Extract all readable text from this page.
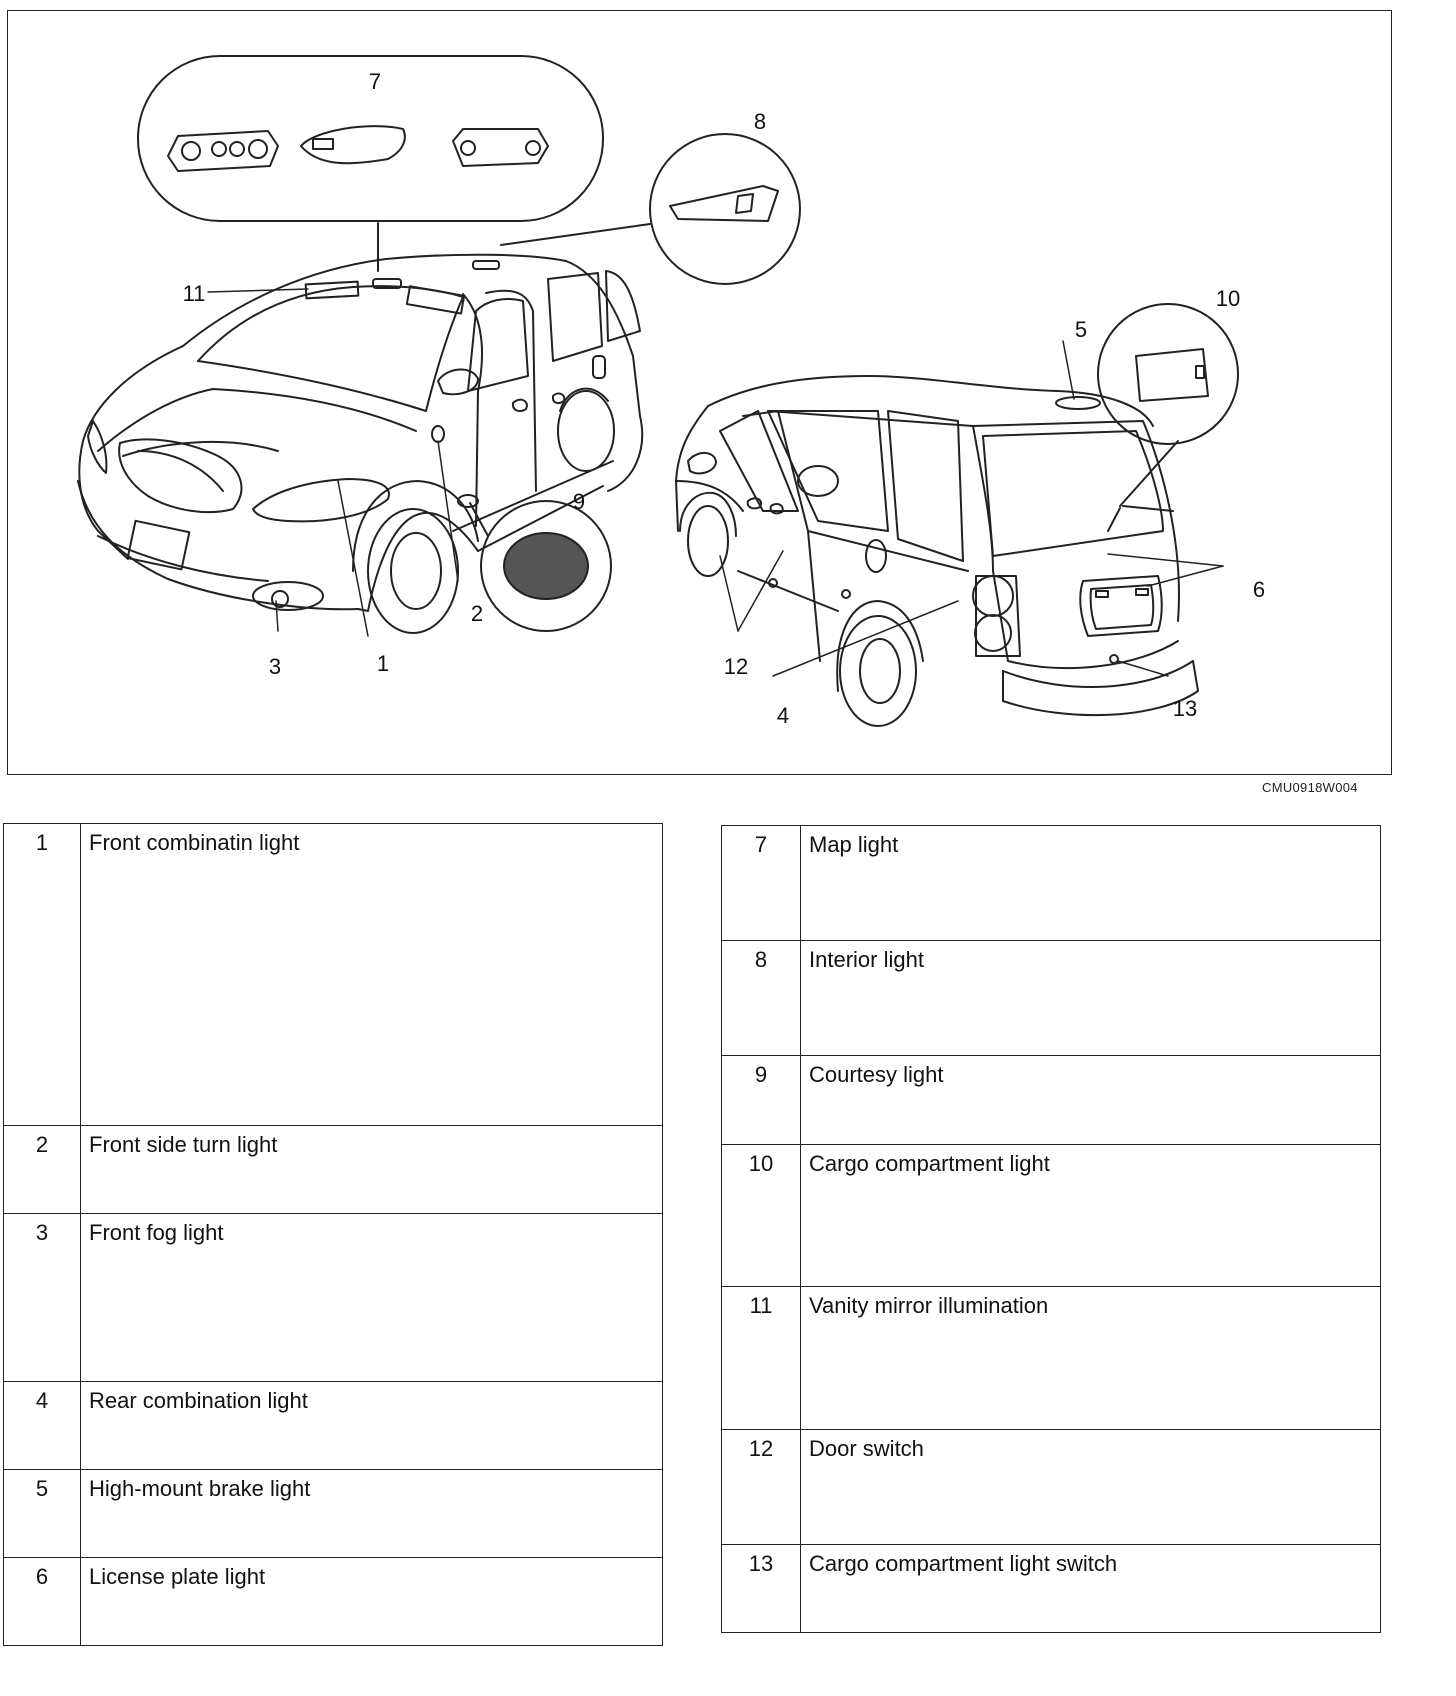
7
8
11	10
5
9
6
2
1
3	12
13
4
CMU0918W004
1	Front combinatin light
2	Front side turn light
3	Front fog light
4	Rear combination light
5	High-mount brake light
6	License plate light
7	Map light
8	Interior light
9	Courtesy light
10	Cargo compartment light
11	Vanity mirror illumination
12	Door switch
13	Cargo compartment light switch
